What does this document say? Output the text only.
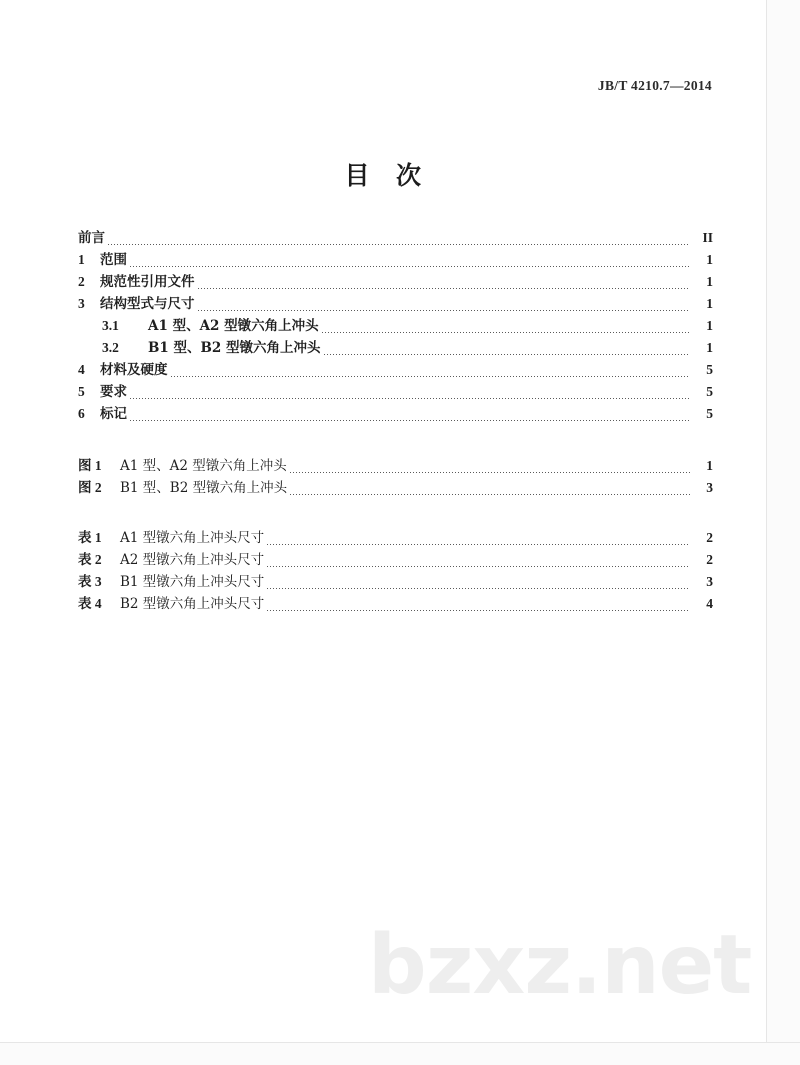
JB/T 4210.7—2014
目 次
前言	II
1	范围	1
2	规范性引用文件	1
3	结构型式与尺寸	1
3.1	A1 型、A2 型镦六角上冲头	1
3.2	B1 型、B2 型镦六角上冲头	1
4	材料及硬度	5
5	要求	5
6	标记	5
图 1	A1 型、A2 型镦六角上冲头	1
图 2	B1 型、B2 型镦六角上冲头	3
表 1	A1 型镦六角上冲头尺寸	2
表 2	A2 型镦六角上冲头尺寸	2
表 3	B1 型镦六角上冲头尺寸	3
表 4	B2 型镦六角上冲头尺寸	4
bzxz.net
